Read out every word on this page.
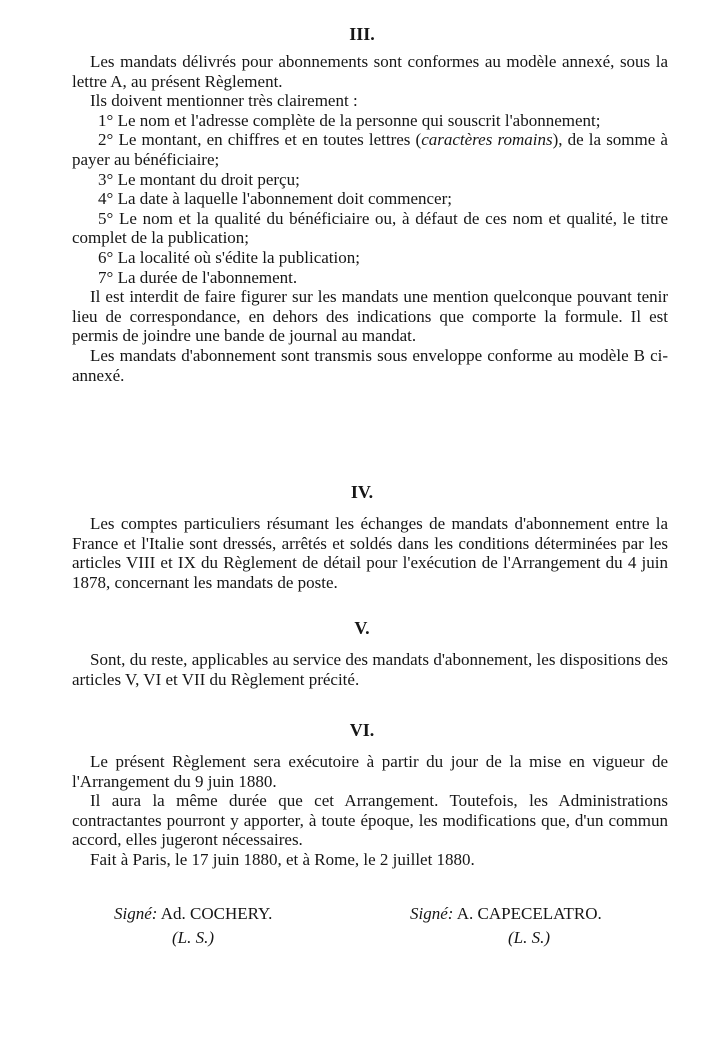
III.

Les mandats délivrés pour abonnements sont conformes au modèle annexé, sous la lettre A, au présent Règlement.

Ils doivent mentionner très clairement :

1° Le nom et l'adresse complète de la personne qui souscrit l'abonnement;

2° Le montant, en chiffres et en toutes lettres (caractères romains), de la somme à payer au bénéficiaire;

3° Le montant du droit perçu;

4° La date à laquelle l'abonnement doit commencer;

5° Le nom et la qualité du bénéficiaire ou, à défaut de ces nom et qualité, le titre complet de la publication;

6° La localité où s'édite la publication;

7° La durée de l'abonnement.

Il est interdit de faire figurer sur les mandats une mention quelconque pouvant tenir lieu de correspondance, en dehors des indications que comporte la formule. Il est permis de joindre une bande de journal au mandat.

Les mandats d'abonnement sont transmis sous enveloppe conforme au modèle B ci-annexé.

IV.

Les comptes particuliers résumant les échanges de mandats d'abonnement entre la France et l'Italie sont dressés, arrêtés et soldés dans les conditions déterminées par les articles VIII et IX du Règlement de détail pour l'exécution de l'Arrangement du 4 juin 1878, concernant les mandats de poste.

V.

Sont, du reste, applicables au service des mandats d'abonnement, les dispositions des articles V, VI et VII du Règlement précité.

VI.

Le présent Règlement sera exécutoire à partir du jour de la mise en vigueur de l'Arrangement du 9 juin 1880.

Il aura la même durée que cet Arrangement. Toutefois, les Administrations contractantes pourront y apporter, à toute époque, les modifications que, d'un commun accord, elles jugeront nécessaires.

Fait à Paris, le 17 juin 1880, et à Rome, le 2 juillet 1880.

Signé: Ad. COCHERY.
(L. S.)
Signé: A. CAPECELATRO.
(L. S.)
